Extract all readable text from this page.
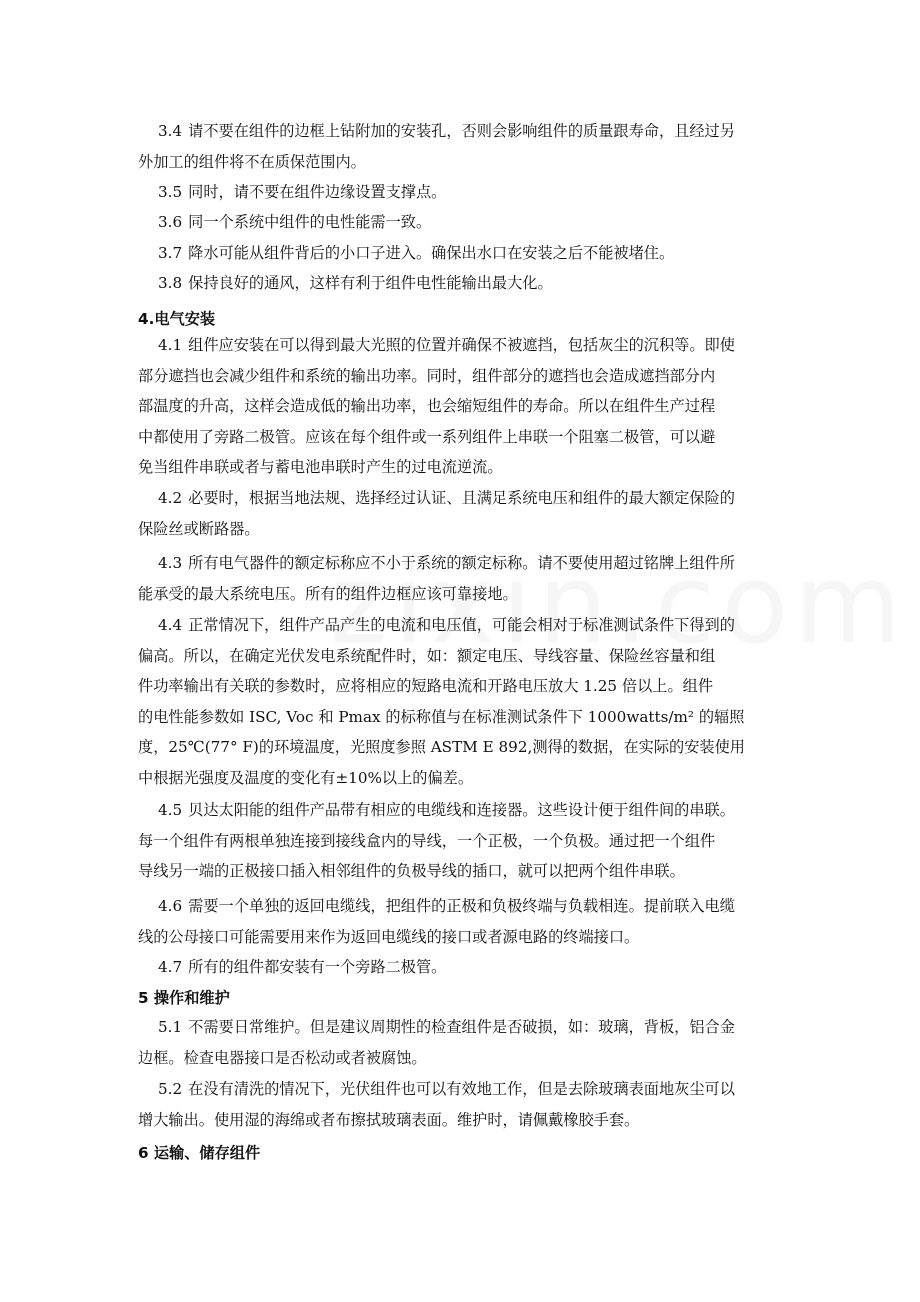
3.4 请不要在组件的边框上钻附加的安装孔，否则会影响组件的质量跟寿命，且经过另
外加工的组件将不在质保范围内。
3.5 同时，请不要在组件边缘设置支撑点。
3.6 同一个系统中组件的电性能需一致。
3.7 降水可能从组件背后的小口子进入。确保出水口在安装之后不能被堵住。
3.8 保持良好的通风，这样有利于组件电性能输出最大化。
4.电气安装
4.1 组件应安装在可以得到最大光照的位置并确保不被遮挡，包括灰尘的沉积等。即使
部分遮挡也会减少组件和系统的输出功率。同时，组件部分的遮挡也会造成遮挡部分内
部温度的升高，这样会造成低的输出功率，也会缩短组件的寿命。所以在组件生产过程
中都使用了旁路二极管。应该在每个组件或一系列组件上串联一个阻塞二极管，可以避
免当组件串联或者与蓄电池串联时产生的过电流逆流。
4.2 必要时，根据当地法规、选择经过认证、且满足系统电压和组件的最大额定保险的
保险丝或断路器。
4.3 所有电气器件的额定标称应不小于系统的额定标称。请不要使用超过铭牌上组件所
能承受的最大系统电压。所有的组件边框应该可靠接地。
4.4 正常情况下，组件产品产生的电流和电压值，可能会相对于标准测试条件下得到的
偏高。所以，在确定光伏发电系统配件时，如：额定电压、导线容量、保险丝容量和组
件功率输出有关联的参数时，应将相应的短路电流和开路电压放大 1.25 倍以上。组件
的电性能参数如 ISC, Voc 和 Pmax 的标称值与在标准测试条件下 1000watts/m² 的辐照
度，25℃(77° F)的环境温度，光照度参照 ASTM E 892,测得的数据，在实际的安装使用
中根据光强度及温度的变化有±10%以上的偏差。
4.5 贝达太阳能的组件产品带有相应的电缆线和连接器。这些设计便于组件间的串联。
每一个组件有两根单独连接到接线盒内的导线，一个正极，一个负极。通过把一个组件
导线另一端的正极接口插入相邻组件的负极导线的插口，就可以把两个组件串联。
4.6 需要一个单独的返回电缆线，把组件的正极和负极终端与负载相连。提前联入电缆
线的公母接口可能需要用来作为返回电缆线的接口或者源电路的终端接口。
4.7 所有的组件都安装有一个旁路二极管。
5 操作和维护
5.1 不需要日常维护。但是建议周期性的检查组件是否破损，如：玻璃，背板，铝合金
边框。检查电器接口是否松动或者被腐蚀。
5.2 在没有清洗的情况下，光伏组件也可以有效地工作，但是去除玻璃表面地灰尘可以
增大输出。使用湿的海绵或者布擦拭玻璃表面。维护时，请佩戴橡胶手套。
6 运输、储存组件
